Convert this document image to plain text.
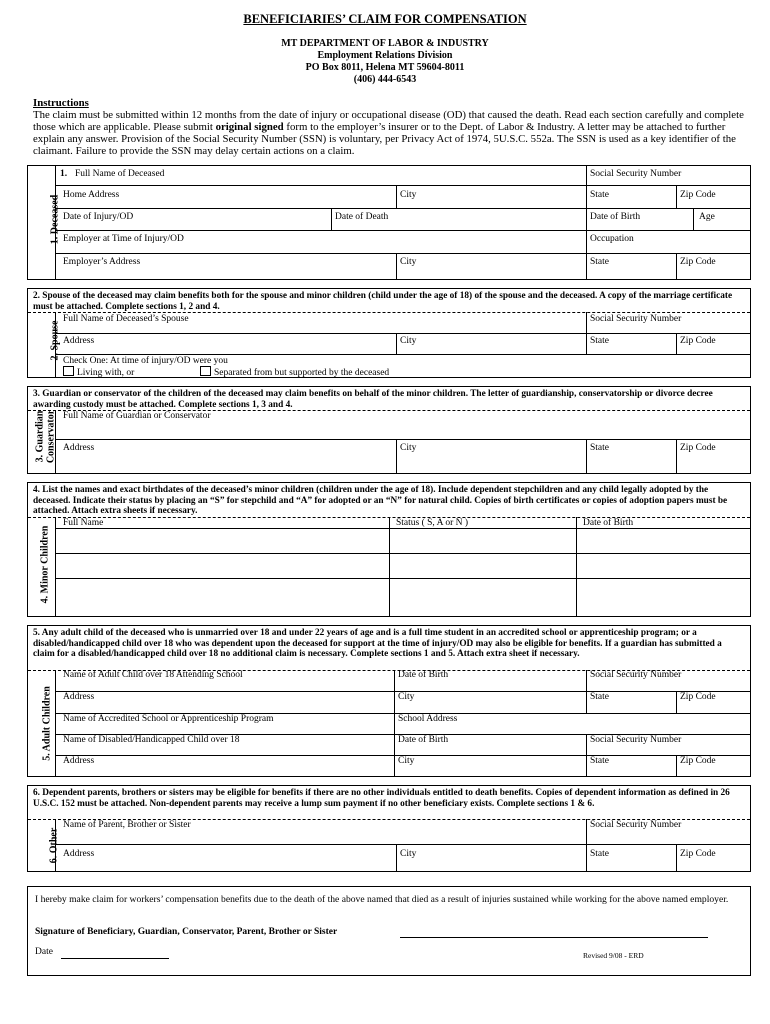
BENEFICIARIES’ CLAIM FOR COMPENSATION
MT DEPARTMENT OF LABOR & INDUSTRY
Employment Relations Division
PO Box 8011, Helena MT 59604-8011
(406) 444-6543
Instructions
The claim must be submitted within 12 months from the date of injury or occupational disease (OD) that caused the death. Read each section carefully and complete those which are applicable. Please submit original signed form to the employer’s insurer or to the Dept. of Labor & Industry. A letter may be attached to further explain any answer. Provision of the Social Security Number (SSN) is voluntary, per Privacy Act of 1974, 5U.S.C. 552a. The SSN is used as a key identifier of the claimant. Failure to provide the SSN may delay certain actions on a claim.
1. Deceased
1. Full Name of Deceased	Social Security Number
Home Address	City	State	Zip Code
Date of Injury/OD	Date of Death	Date of Birth	Age
Employer at Time of Injury/OD	Occupation
Employer’s Address	City	State	Zip Code
2. Spouse of the deceased may claim benefits both for the spouse and minor children (child under the age of 18) of the spouse and the deceased. A copy of the marriage certificate must be attached. Complete sections 1, 2 and 4.
2. Spouse
Full Name of Deceased’s Spouse	Social Security Number
Address	City	State	Zip Code
Check One: At time of injury/OD were you
Living with, or	Separated from but supported by the deceased
3. Guardian or conservator of the children of the deceased may claim benefits on behalf of the minor children. The letter of guardianship, conservatorship or divorce decree awarding custody must be attached. Complete sections 1, 3 and 4.
3. Guardian Conservator Full Name of Guardian or Conservator
Address	City	State	Zip Code
4. List the names and exact birthdates of the deceased’s minor children (children under the age of 18). Include dependent stepchildren and any child legally adopted by the deceased. Indicate their status by placing an “S” for stepchild and “A” for adopted or an “N” for natural child. Copies of birth certificates or copies of adoption papers must be attached. Attach extra sheets if necessary.
4. Minor Children
Full Name	Status ( S, A or N )	Date of Birth
5. Any adult child of the deceased who is unmarried over 18 and under 22 years of age and is a full time student in an accredited school or apprenticeship program; or a disabled/handicapped child over 18 who was dependent upon the deceased for support at the time of injury/OD may also be eligible for benefits. If a guardian has submitted a claim for a disabled/handicapped child over 18 no additional claim is necessary. Complete sections 1 and 5. Attach extra sheet if necessary.
5. Adult Children
Name of Adult Child over 18 Attending School	Date of Birth	Social Security Number
Address	City	State	Zip Code
Name of Accredited School or Apprenticeship Program	School Address
Name of Disabled/Handicapped Child over 18	Date of Birth	Social Security Number
Address	City	State	Zip Code
6. Dependent parents, brothers or sisters may be eligible for benefits if there are no other individuals entitled to death benefits. Copies of dependent information as defined in 26 U.S.C. 152 must be attached. Non-dependent parents may receive a lump sum payment if no other beneficiary exists. Complete sections 1 & 6.
6. Other
Name of Parent, Brother or Sister	Social Security Number
Address	City	State	Zip Code
I hereby make claim for workers’ compensation benefits due to the death of the above named that died as a result of injuries sustained while working for the above named employer.
Signature of Beneficiary, Guardian, Conservator, Parent, Brother or Sister
Date	Revised 9/08 - ERD
